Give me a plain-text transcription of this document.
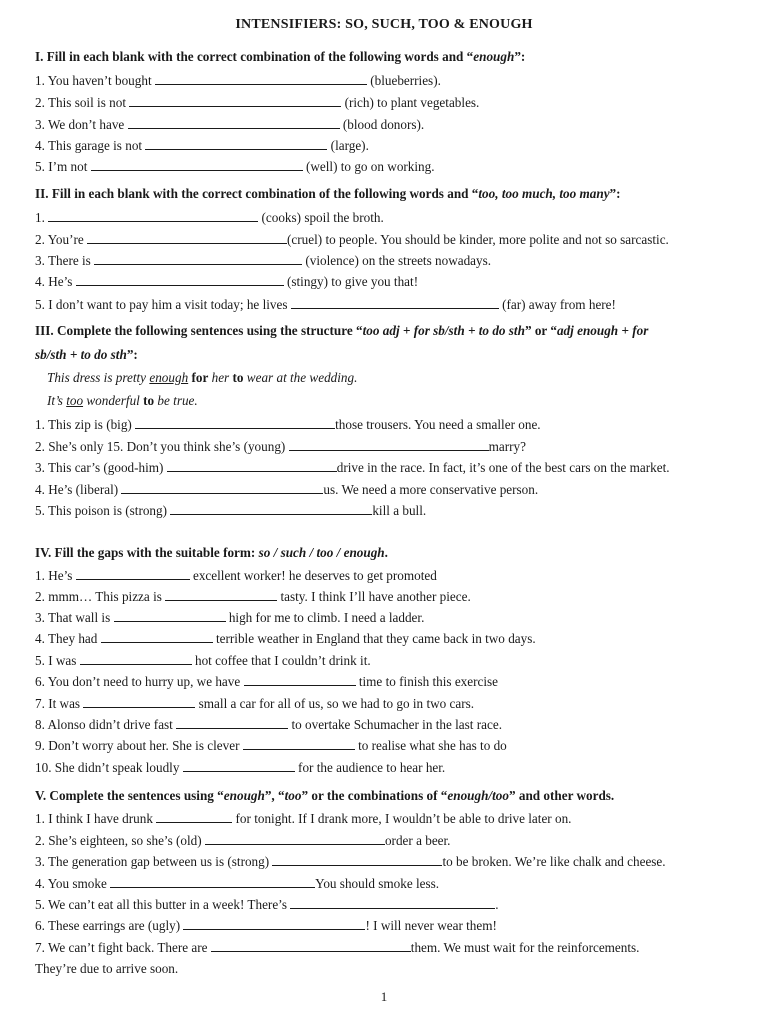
INTENSIFIERS: SO, SUCH, TOO & ENOUGH
I. Fill in each blank with the correct combination of the following words and “enough”:
1. You haven’t bought	(blueberries).
2. This soil is not	(rich) to plant vegetables.
3. We don’t have	(blood donors).
4. This garage is not	(large).
5. I’m not	(well) to go on working.
II. Fill in each blank with the correct combination of the following words and “too, too much, too many”:
1.	(cooks) spoil the broth.
2. You’re	(cruel) to people. You should be kinder, more polite and not so sarcastic.
3. There is	(violence) on the streets nowadays.
4. He’s	(stingy) to give you that!
5. I don’t want to pay him a visit today; he lives	(far) away from here!
III. Complete the following sentences using the structure “too adj + for sb/sth + to do sth” or “adj enough + for
sb/sth + to do sth”:
This dress is pretty enough for her to wear at the wedding.
It’s too wonderful to be true.
1. This zip is (big)	those trousers. You need a smaller one.
2. She’s only 15. Don’t you think she’s (young)	marry?
3. This car’s (good-him)	drive in the race. In fact, it’s one of the best cars on the market.
4. He’s (liberal)	us. We need a more conservative person.
5. This poison is (strong)	kill a bull.
IV. Fill the gaps with the suitable form: so / such / too / enough.
1. He’s	excellent worker! he deserves to get promoted
2. mmm… This pizza is	tasty. I think I’ll have another piece.
3. That wall is	high for me to climb. I need a ladder.
4. They had	terrible weather in England that they came back in two days.
5. I was	hot coffee that I couldn’t drink it.
6. You don’t need to hurry up, we have	time to finish this exercise
7. It was	small a car for all of us, so we had to go in two cars.
8. Alonso didn’t drive fast	to overtake Schumacher in the last race.
9. Don’t worry about her. She is clever	to realise what she has to do
10. She didn’t speak loudly	for the audience to hear her.
V. Complete the sentences using “enough”, “too” or the combinations of “enough/too” and other words.
1. I think I have drunk	for tonight. If I drank more, I wouldn’t be able to drive later on.
2. She’s eighteen, so she’s (old)	order a beer.
3. The generation gap between us is (strong)	to be broken. We’re like chalk and cheese.
4. You smoke	You should smoke less.
5. We can’t eat all this butter in a week! There’s	.
6. These earrings are (ugly)	! I will never wear them!
7. We can’t fight back. There are	them. We must wait for the reinforcements.
They’re due to arrive soon.
1
